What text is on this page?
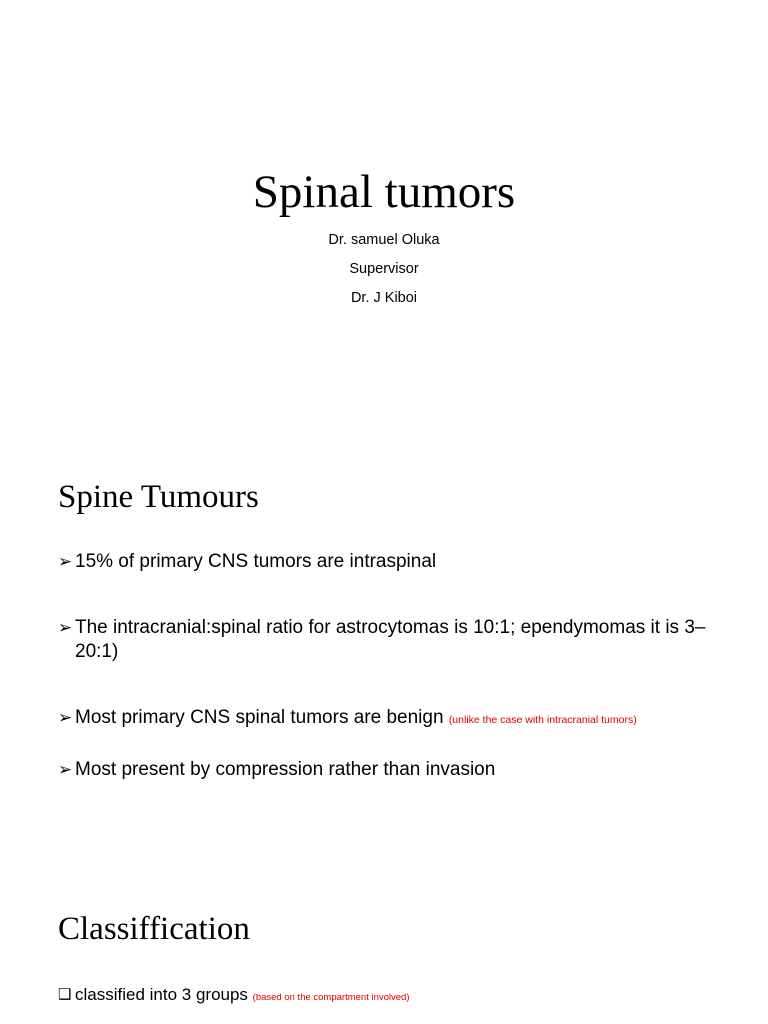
Spinal tumors
Dr. samuel Oluka
Supervisor
Dr. J Kiboi
Spine Tumours
➢ 15% of primary CNS tumors are intraspinal
➢ The intracranial:spinal ratio for astrocytomas is 10:1; ependymomas it is 3–20:1)
➢ Most primary CNS spinal tumors are benign (unlike the case with intracranial tumors)
➢ Most present by compression rather than invasion
Classiffication
❑ classified into 3 groups (based on the compartment involved)
